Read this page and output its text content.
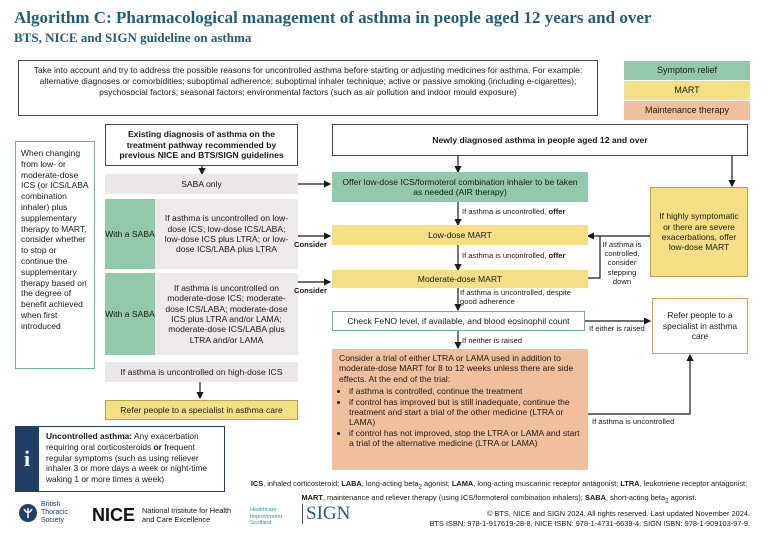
Algorithm C: Pharmacological management of asthma in people aged 12 years and over
BTS, NICE and SIGN guideline on asthma
Take into account and try to address the possible reasons for uncontrolled asthma before starting or adjusting medicines for asthma. For example: alternative diagnoses or comorbidities; suboptimal adherence; suboptimal inhaler technique; active or passive smoking (including e-cigarettes); psychosocial factors; seasonal factors; environmental factors (such as air pollution and indoor mould exposure)
Symptom relief
MART
Maintenance therapy
When changing from low- or moderate-dose ICS (or ICS/LABA combination inhaler) plus supplementary therapy to MART, consider whether to stop or continue the supplementary therapy based on the degree of benefit achieved when first introduced
Existing diagnosis of asthma on the treatment pathway recommended by previous NICE and BTS/SIGN guidelines
SABA only
With a SABA
If asthma is uncontrolled on low-dose ICS; low-dose ICS/LABA; low-dose ICS plus LTRA; or low-dose ICS/LABA plus LTRA
With a SABA
If asthma is uncontrolled on moderate-dose ICS; moderate-dose ICS/LABA; moderate-dose ICS plus LTRA and/or LAMA; moderate-dose ICS/LABA plus LTRA and/or LAMA
If asthma is uncontrolled on high-dose ICS
Refer people to a specialist in asthma care
Consider
Consider
Newly diagnosed asthma in people aged 12 and over
Offer low-dose ICS/formoterol combination inhaler to be taken as needed (AIR therapy)
If asthma is uncontrolled, offer
Low-dose MART
If asthma is uncontrolled, offer
Moderate-dose MART
If asthma is uncontrolled, despite good adherence
Check FeNO level, if available, and blood eosinophil count
If neither is raised
If either is raised
Consider a trial of either LTRA or LAMA used in addition to moderate-dose MART for 8 to 12 weeks unless there are side effects. At the end of the trial:
• if asthma is controlled, continue the treatment
• if control has improved but is still inadequate, continue the treatment and start a trial of the other medicine (LTRA or LAMA)
• if control has not improved, stop the LTRA or LAMA and start a trial of the alternative medicine (LTRA or LAMA)
If asthma is uncontrolled
If highly symptomatic or there are severe exacerbations, offer low-dose MART
If asthma is controlled, consider stepping down
Refer people to a specialist in asthma care
Uncontrolled asthma: Any exacerbation requiring oral corticosteroids or frequent regular symptoms (such as using reliever inhaler 3 or more days a week or night-time waking 1 or more times a week)
i
ICS, inhaled corticosteroid; LABA, long-acting beta$_2$ agonist; LAMA, long-acting muscarinic receptor antagonist; LTRA, leukotriene receptor antagonist; MART, maintenance and reliever therapy (using ICS/formoterol combination inhalers); SABA, short-acting beta$_2$ agonist.
British Thoracic Society	NICE National Institute for Health and Care Excellence
Healthcare Improvement Scotland	SIGN	© BTS, NICE and SIGN 2024. All rights reserved. Last updated November 2024.
BTS ISBN: 978-1-917619-28-8. NICE ISBN: 978-1-4731-6639-4. SIGN ISBN: 978-1-909103-97-9.
